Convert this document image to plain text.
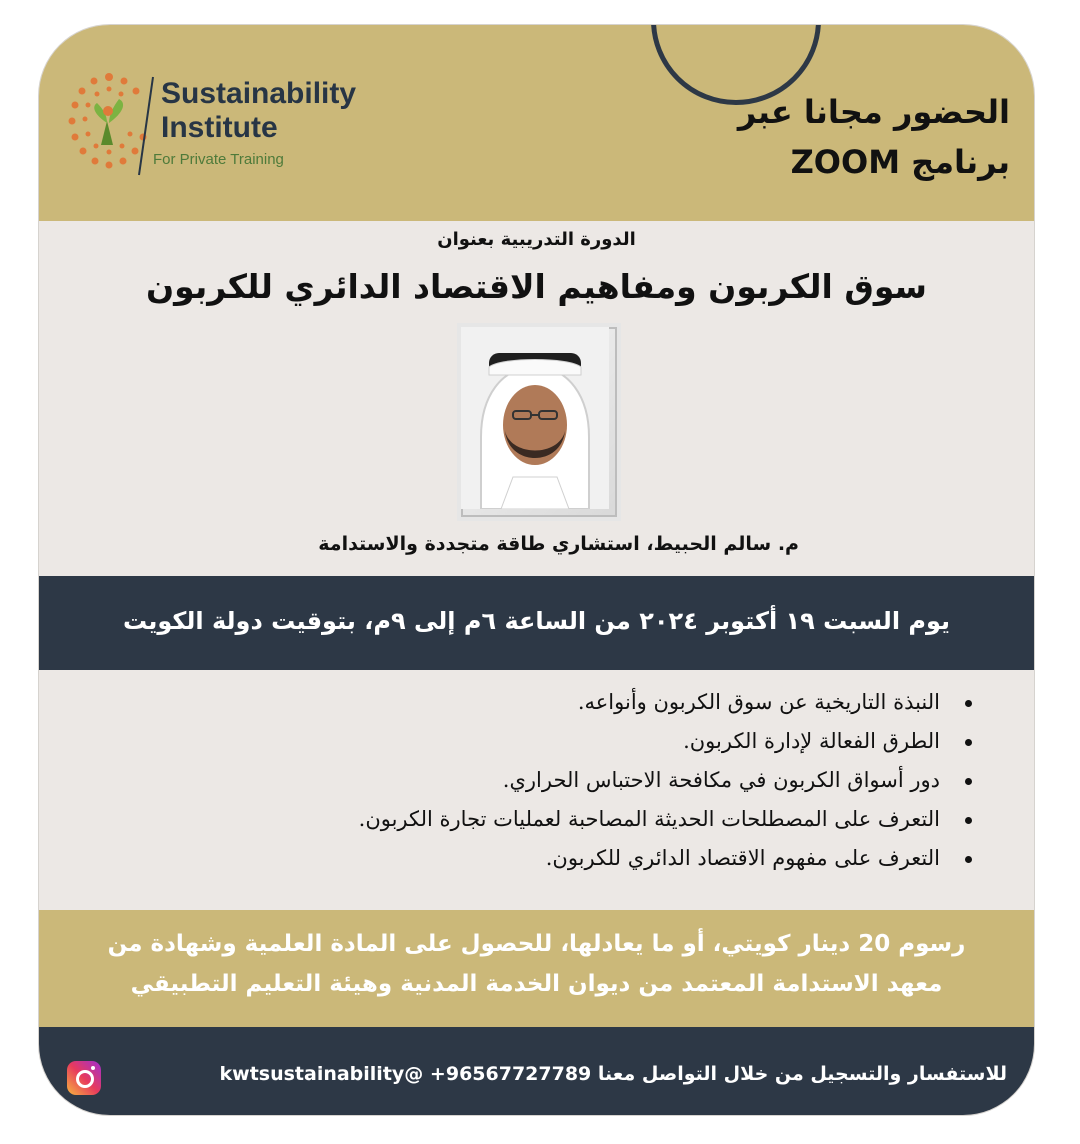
Sustainability
Institute
For Private Training
الحضور مجانا عبر
برنامج ZOOM
الدورة التدريبية بعنوان
سوق الكربون ومفاهيم الاقتصاد الدائري للكربون
م. سالم الحبيط، استشاري طاقة متجددة والاستدامة
يوم السبت ١٩ أكتوبر ٢٠٢٤ من الساعة ٦م إلى ٩م، بتوقيت دولة الكويت
النبذة التاريخية عن سوق الكربون وأنواعه.
الطرق الفعالة لإدارة الكربون.
دور أسواق الكربون في مكافحة الاحتباس الحراري.
التعرف على المصطلحات الحديثة المصاحبة لعمليات تجارة الكربون.
التعرف على مفهوم الاقتصاد الدائري للكربون.
رسوم 20 دينار كويتي، أو ما يعادلها، للحصول على المادة العلمية وشهادة من
معهد الاستدامة المعتمد من ديوان الخدمة المدنية وهيئة التعليم التطبيقي
للاستفسار والتسجيل من خلال التواصل معنا 96567727789+ @kwtsustainability
